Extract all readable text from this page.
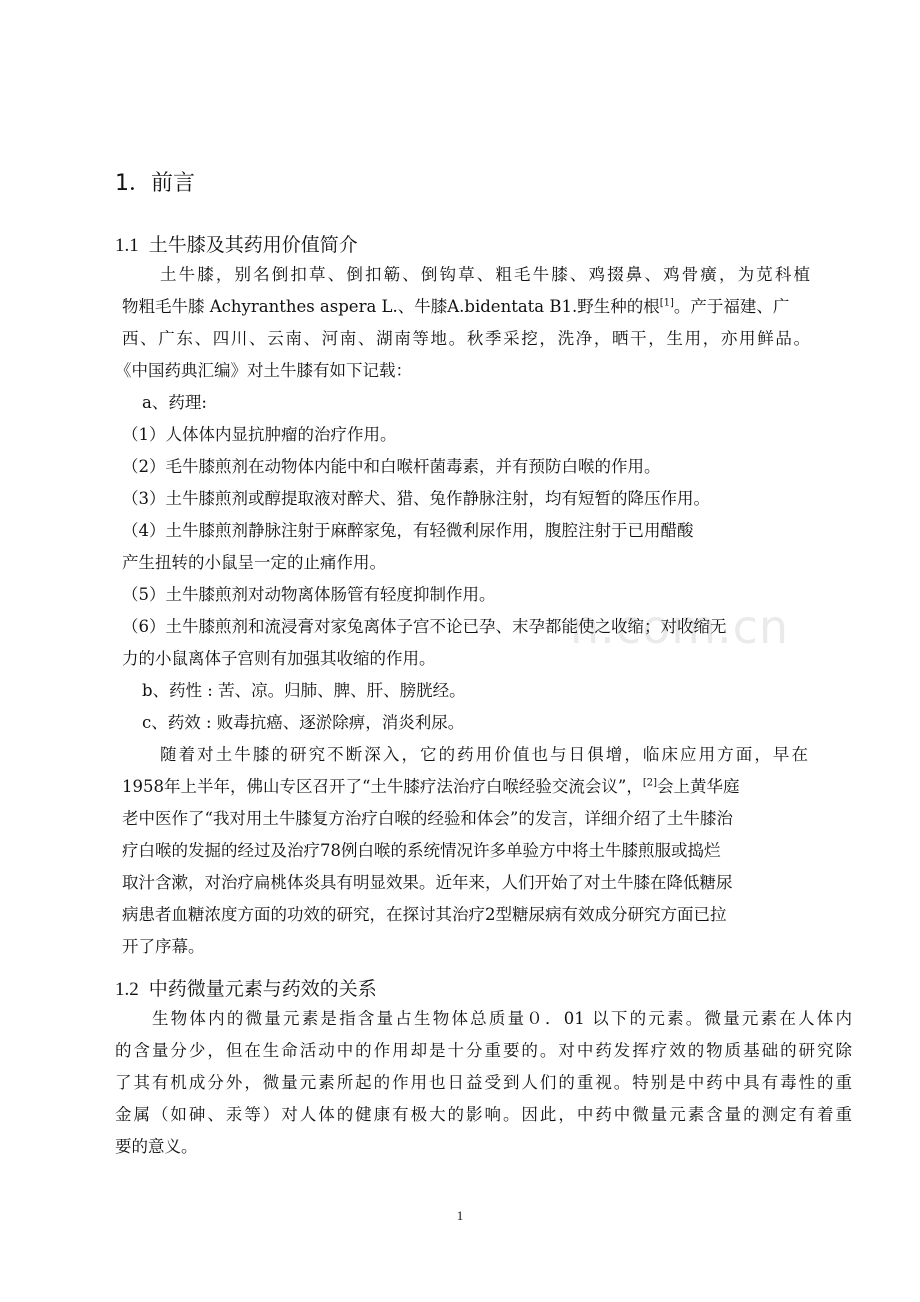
n.com.cn
1．前言
1.1 土牛膝及其药用价值简介
土牛膝，别名倒扣草、倒扣簕、倒钩草、粗毛牛膝、鸡掇鼻、鸡骨癀，为苋科植
物粗毛牛膝 Achyranthes aspera L.、牛膝A.bidentata B1.野生种的根[1]。产于福建、广
西、广东、四川、云南、河南、湖南等地。秋季采挖，洗净，晒干，生用，亦用鲜品。
《中国药典汇编》对土牛膝有如下记载：
a、药理:
（1）人体体内显抗肿瘤的治疗作用。
（2）毛牛膝煎剂在动物体内能中和白喉杆菌毒素，并有预防白喉的作用。
（3）土牛膝煎剂或醇提取液对醉犬、猎、兔作静脉注射，均有短暂的降压作用。
（4）土牛膝煎剂静脉注射于麻醉家兔，有轻微利尿作用，腹腔注射于已用醋酸
产生扭转的小鼠呈一定的止痛作用。
（5）土牛膝煎剂对动物离体肠管有轻度抑制作用。
（6）土牛膝煎剂和流浸膏对家兔离体子宫不论已孕、末孕都能使之收缩；对收缩无
力的小鼠离体子宫则有加强其收缩的作用。
b、药性 : 苦、凉。归肺、脾、肝、膀胱经。
c、药效 : 败毒抗癌、逐淤除痹，消炎利尿。
随着对土牛膝的研究不断深入，它的药用价值也与日俱增，临床应用方面，早在
1958年上半年，佛山专区召开了“土牛膝疗法治疗白喉经验交流会议”，[2]会上黄华庭
老中医作了“我对用土牛膝复方治疗白喉的经验和体会”的发言，详细介绍了土牛膝治
疗白喉的发掘的经过及治疗78例白喉的系统情况许多单验方中将土牛膝煎服或捣烂
取汁含漱，对治疗扁桃体炎具有明显效果。近年来，人们开始了对土牛膝在降低糖尿
病患者血糖浓度方面的功效的研究，在探讨其治疗2型糖尿病有效成分研究方面已拉
开了序幕。
1.2 中药微量元素与药效的关系
生物体内的微量元素是指含量占生物体总质量０．01 以下的元素。微量元素在人体内
的含量分少，但在生命活动中的作用却是十分重要的。对中药发挥疗效的物质基础的研究除
了其有机成分外，微量元素所起的作用也日益受到人们的重视。特别是中药中具有毒性的重
金属（如砷、汞等）对人体的健康有极大的影响。因此，中药中微量元素含量的测定有着重
要的意义。
1
